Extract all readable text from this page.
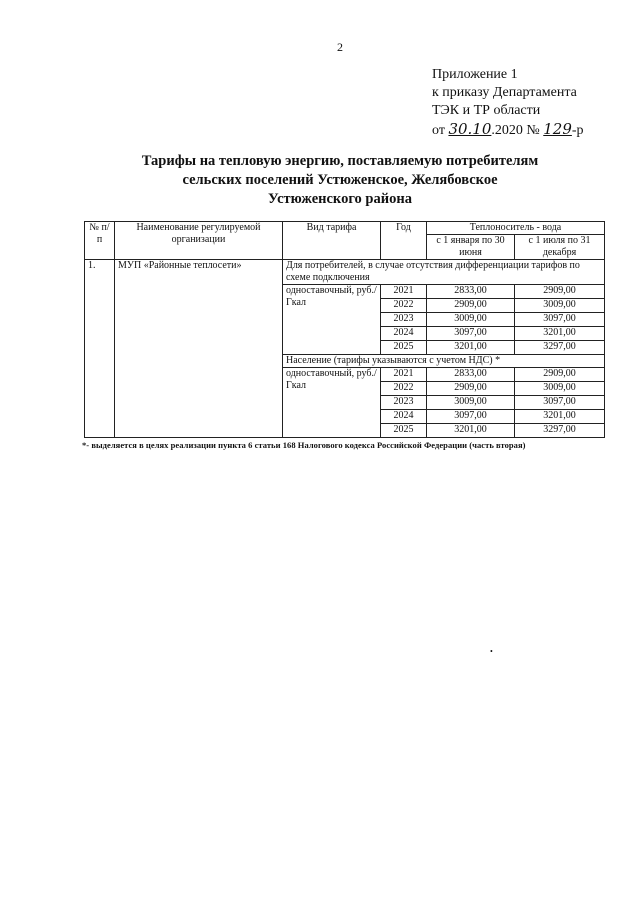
2
Приложение 1
к приказу Департамента
ТЭК и ТР области
от 30.10.2020 № 129-р
Тарифы на тепловую энергию, поставляемую потребителям
сельских поселений Устюженское, Желябовское
Устюженского района
№ п/п	Наименование регулируемой организации	Вид тарифа	Год	Теплоноситель - вода	
				с 1 января по 30 июня	с 1 июля по 31 декабря
1.	МУП «Районные теплосети»	Для потребителей, в случае отсутствия дифференциации тарифов по схеме подключения			
		одноставочный, руб./Гкал	2021	2833,00	2909,00
			2022	2909,00	3009,00
			2023	3009,00	3097,00
			2024	3097,00	3201,00
			2025	3201,00	3297,00
		Население (тарифы указываются с учетом НДС) *			
		одноставочный, руб./Гкал	2021	2833,00	2909,00
			2022	2909,00	3009,00
			2023	3009,00	3097,00
			2024	3097,00	3201,00
			2025	3201,00	3297,00
*- выделяется в целях реализации пункта 6 статьи 168 Налогового кодекса Российской Федерации (часть вторая)
•
